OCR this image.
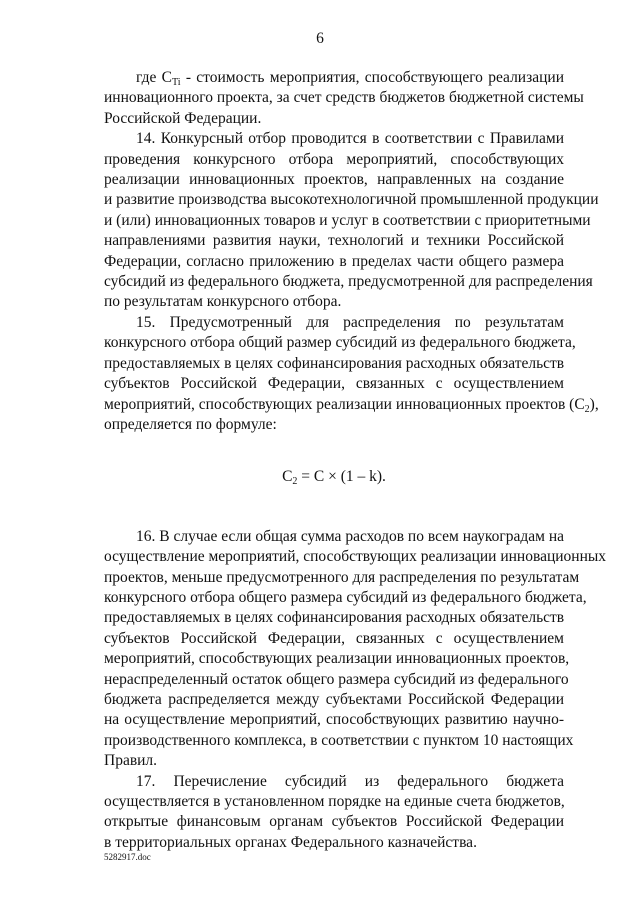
6

где $С_{Ti}$ - стоимость мероприятия, способствующего реализации
инновационного проекта, за счет средств бюджетов бюджетной системы
Российской Федерации.

14. Конкурсный отбор проводится в соответствии с Правилами
проведения конкурсного отбора мероприятий, способствующих
реализации инновационных проектов, направленных на создание
и развитие производства высокотехнологичной промышленной продукции
и (или) инновационных товаров и услуг в соответствии с приоритетными
направлениями развития науки, технологий и техники Российской
Федерации, согласно приложению в пределах части общего размера
субсидий из федерального бюджета, предусмотренной для распределения
по результатам конкурсного отбора.

15. Предусмотренный для распределения по результатам
конкурсного отбора общий размер субсидий из федерального бюджета,
предоставляемых в целях софинансирования расходных обязательств
субъектов Российской Федерации, связанных с осуществлением
мероприятий, способствующих реализации инновационных проектов $(С_2)$,
определяется по формуле:

$С_2 = С \times (1 - k)$.

16. В случае если общая сумма расходов по всем наукоградам на
осуществление мероприятий, способствующих реализации инновационных
проектов, меньше предусмотренного для распределения по результатам
конкурсного отбора общего размера субсидий из федерального бюджета,
предоставляемых в целях софинансирования расходных обязательств
субъектов Российской Федерации, связанных с осуществлением
мероприятий, способствующих реализации инновационных проектов,
нераспределенный остаток общего размера субсидий из федерального
бюджета распределяется между субъектами Российской Федерации
на осуществление мероприятий, способствующих развитию научно-
производственного комплекса, в соответствии с пунктом 10 настоящих
Правил.

17. Перечисление субсидий из федерального бюджета
осуществляется в установленном порядке на единые счета бюджетов,
открытые финансовым органам субъектов Российской Федерации
в территориальных органах Федерального казначейства.

5282917.doc
